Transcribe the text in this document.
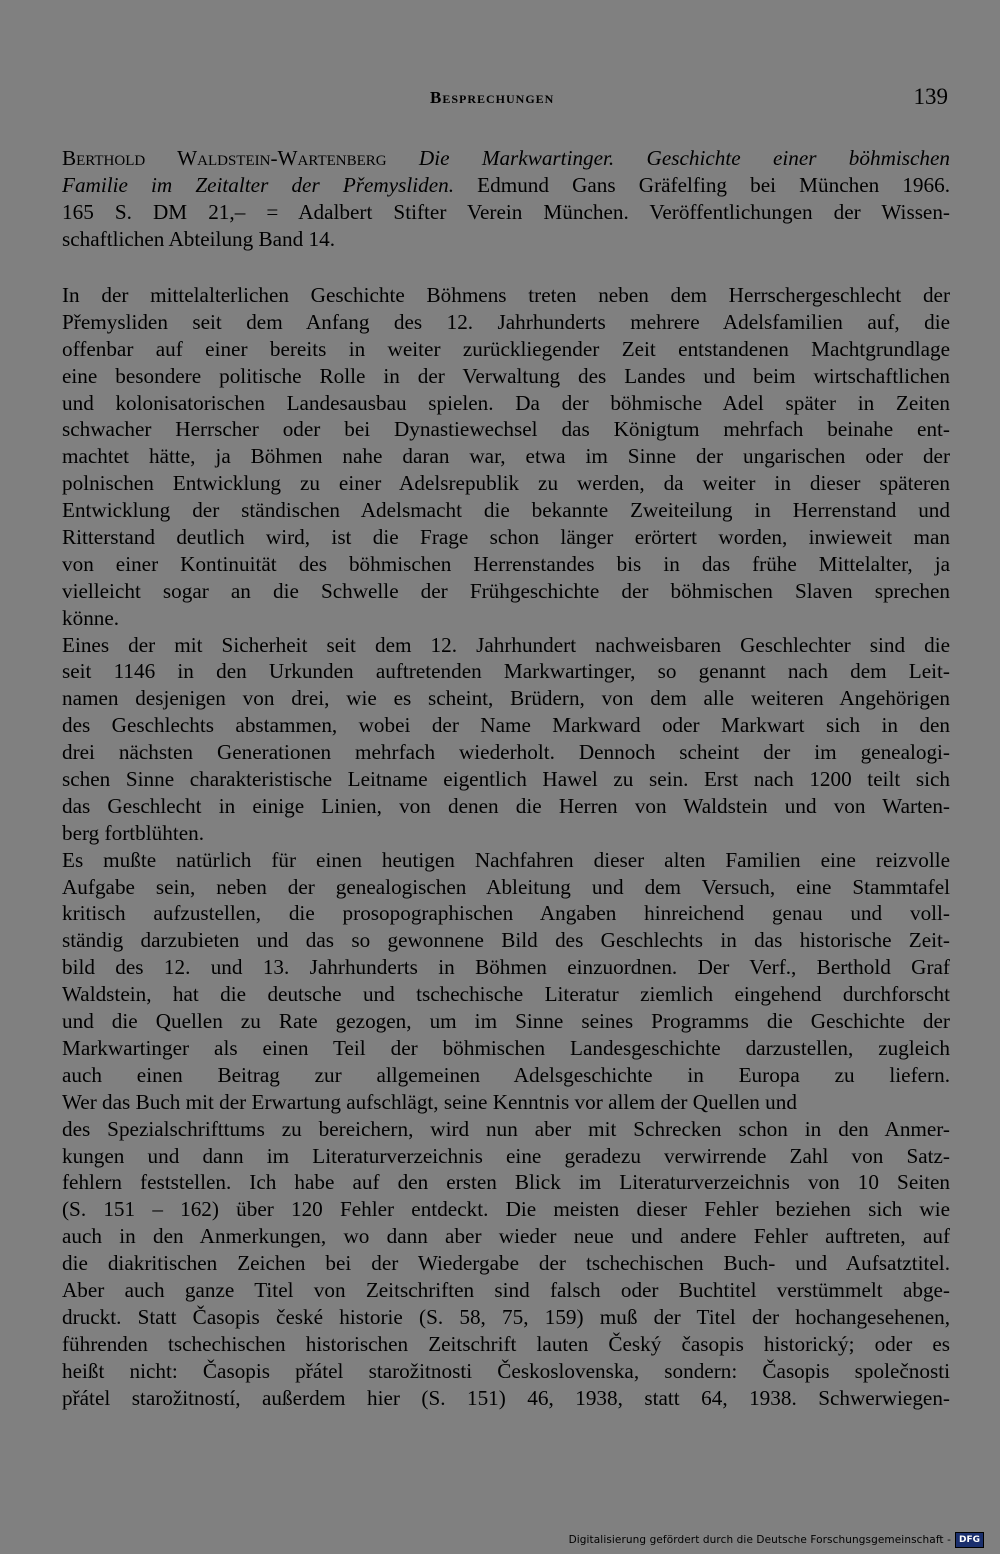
Besprechungen	139
Berthold Waldstein-Wartenberg Die Markwartinger. Geschichte einer böhmischen
Familie im Zeitalter der Přemysliden. Edmund Gans Gräfelfing bei München 1966.
165 S. DM 21,– = Adalbert Stifter Verein München. Veröffentlichungen der Wissen-
schaftlichen Abteilung Band 14.
In der mittelalterlichen Geschichte Böhmens treten neben dem Herrschergeschlecht der
Přemysliden seit dem Anfang des 12. Jahrhunderts mehrere Adelsfamilien auf, die
offenbar auf einer bereits in weiter zurückliegender Zeit entstandenen Machtgrundlage
eine besondere politische Rolle in der Verwaltung des Landes und beim wirtschaftlichen
und kolonisatorischen Landesausbau spielen. Da der böhmische Adel später in Zeiten
schwacher Herrscher oder bei Dynastiewechsel das Königtum mehrfach beinahe ent-
machtet hätte, ja Böhmen nahe daran war, etwa im Sinne der ungarischen oder der
polnischen Entwicklung zu einer Adelsrepublik zu werden, da weiter in dieser späteren
Entwicklung der ständischen Adelsmacht die bekannte Zweiteilung in Herrenstand und
Ritterstand deutlich wird, ist die Frage schon länger erörtert worden, inwieweit man
von einer Kontinuität des böhmischen Herrenstandes bis in das frühe Mittelalter, ja
vielleicht sogar an die Schwelle der Frühgeschichte der böhmischen Slaven sprechen
könne.
Eines der mit Sicherheit seit dem 12. Jahrhundert nachweisbaren Geschlechter sind die
seit 1146 in den Urkunden auftretenden Markwartinger, so genannt nach dem Leit-
namen desjenigen von drei, wie es scheint, Brüdern, von dem alle weiteren Angehörigen
des Geschlechts abstammen, wobei der Name Markward oder Markwart sich in den
drei nächsten Generationen mehrfach wiederholt. Dennoch scheint der im genealogi-
schen Sinne charakteristische Leitname eigentlich Hawel zu sein. Erst nach 1200 teilt sich
das Geschlecht in einige Linien, von denen die Herren von Waldstein und von Warten-
berg fortblühten.
Es mußte natürlich für einen heutigen Nachfahren dieser alten Familien eine reizvolle
Aufgabe sein, neben der genealogischen Ableitung und dem Versuch, eine Stammtafel
kritisch aufzustellen, die prosopographischen Angaben hinreichend genau und voll-
ständig darzubieten und das so gewonnene Bild des Geschlechts in das historische Zeit-
bild des 12. und 13. Jahrhunderts in Böhmen einzuordnen. Der Verf., Berthold Graf
Waldstein, hat die deutsche und tschechische Literatur ziemlich eingehend durchforscht
und die Quellen zu Rate gezogen, um im Sinne seines Programms die Geschichte der
Markwartinger als einen Teil der böhmischen Landesgeschichte darzustellen, zugleich
auch einen Beitrag zur allgemeinen Adelsgeschichte in Europa zu liefern.
Wer das Buch mit der Erwartung aufschlägt, seine Kenntnis vor allem der Quellen und
des Spezialschrifttums zu bereichern, wird nun aber mit Schrecken schon in den Anmer-
kungen und dann im Literaturverzeichnis eine geradezu verwirrende Zahl von Satz-
fehlern feststellen. Ich habe auf den ersten Blick im Literaturverzeichnis von 10 Seiten
(S. 151 – 162) über 120 Fehler entdeckt. Die meisten dieser Fehler beziehen sich wie
auch in den Anmerkungen, wo dann aber wieder neue und andere Fehler auftreten, auf
die diakritischen Zeichen bei der Wiedergabe der tschechischen Buch- und Aufsatztitel.
Aber auch ganze Titel von Zeitschriften sind falsch oder Buchtitel verstümmelt abge-
druckt. Statt Časopis české historie (S. 58, 75, 159) muß der Titel der hochangesehenen,
führenden tschechischen historischen Zeitschrift lauten Český časopis historický; oder es
heißt nicht: Časopis přátel starožitnosti Československa, sondern: Časopis společnosti
přátel starožitností, außerdem hier (S. 151) 46, 1938, statt 64, 1938. Schwerwiegen-
Digitalisierung gefördert durch die Deutsche Forschungsgemeinschaft - DFG
